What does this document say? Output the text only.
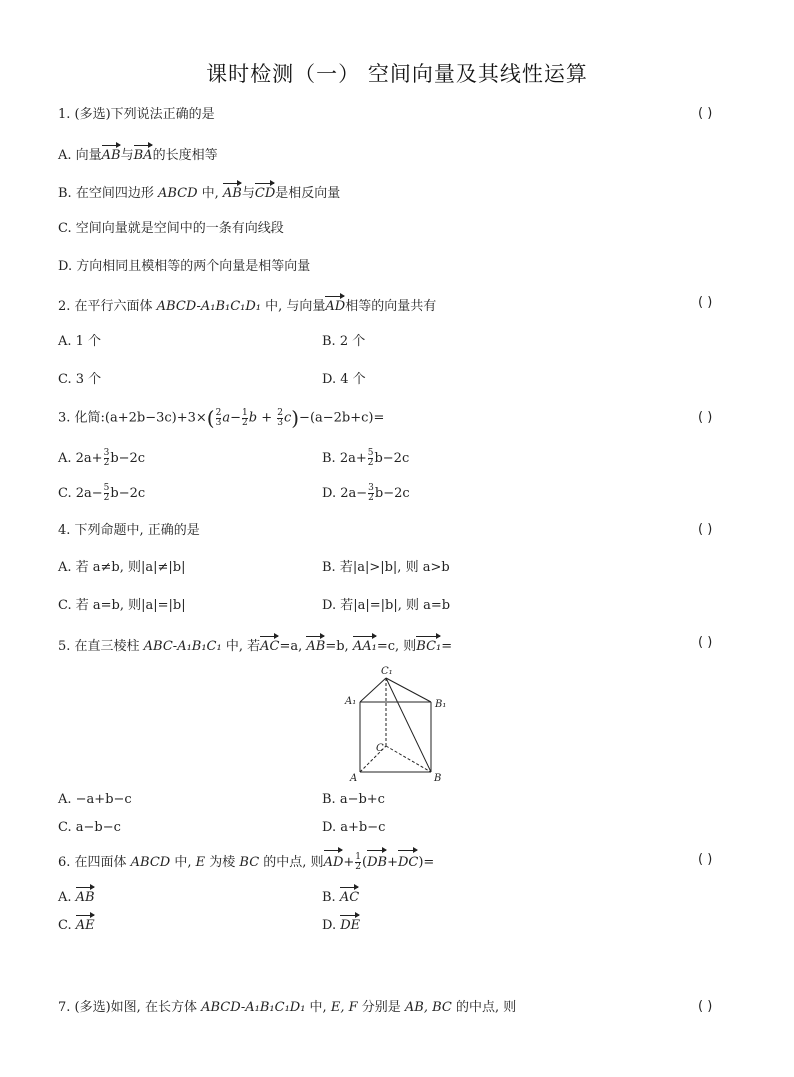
课时检测（一） 空间向量及其线性运算
1. (多选)下列说法正确的是	( )
A. 向量AB与BA的长度相等
B. 在空间四边形 ABCD 中, AB与CD是相反向量
C. 空间向量就是空间中的一条有向线段
D. 方向相同且模相等的两个向量是相等向量
2. 在平行六面体 ABCD-A₁B₁C₁D₁ 中, 与向量AD相等的向量共有	( )
A. 1 个	B. 2 个
C. 3 个	D. 4 个
3. 化简:(a+2b−3c)+3×( $\frac{2}{3} a- \frac{1}{2}$ $b + \frac{2}{3} c)-(a-2b+c)=$	( )
A. $2a+ \frac{3}{2} b-2c$	B. $2a+ \frac{5}{2} b-2c$
C. $2a- \frac{5}{2} b-2c$	D. $2a- \frac{3}{2} b-2c$
4. 下列命题中, 正确的是	( )
A. 若 a≠b, 则|a|≠|b|	B. 若|a|>|b|, 则 a>b
C. 若 a=b, 则|a|=|b|	D. 若|a|=|b|, 则 a=b
5. 在直三棱柱 ABC-A₁B₁C₁ 中, 若AC=a, AB=b, AA₁=c, 则BC₁=	( )
A₁	B₁
C₁
C
A	B
A. −a+b−c	B. a−b+c
C. a−b−c	D. a+b−c
6. 在四面体 ABCD 中, E 为棱 BC 的中点, 则$AD+ \frac{1}{2} (DB+DC)=$	( )
A. AB	B. AC
C. AE	D. DE
7. (多选)如图, 在长方体 ABCD-A₁B₁C₁D₁ 中, E, F 分别是 AB, BC 的中点, 则	( )
